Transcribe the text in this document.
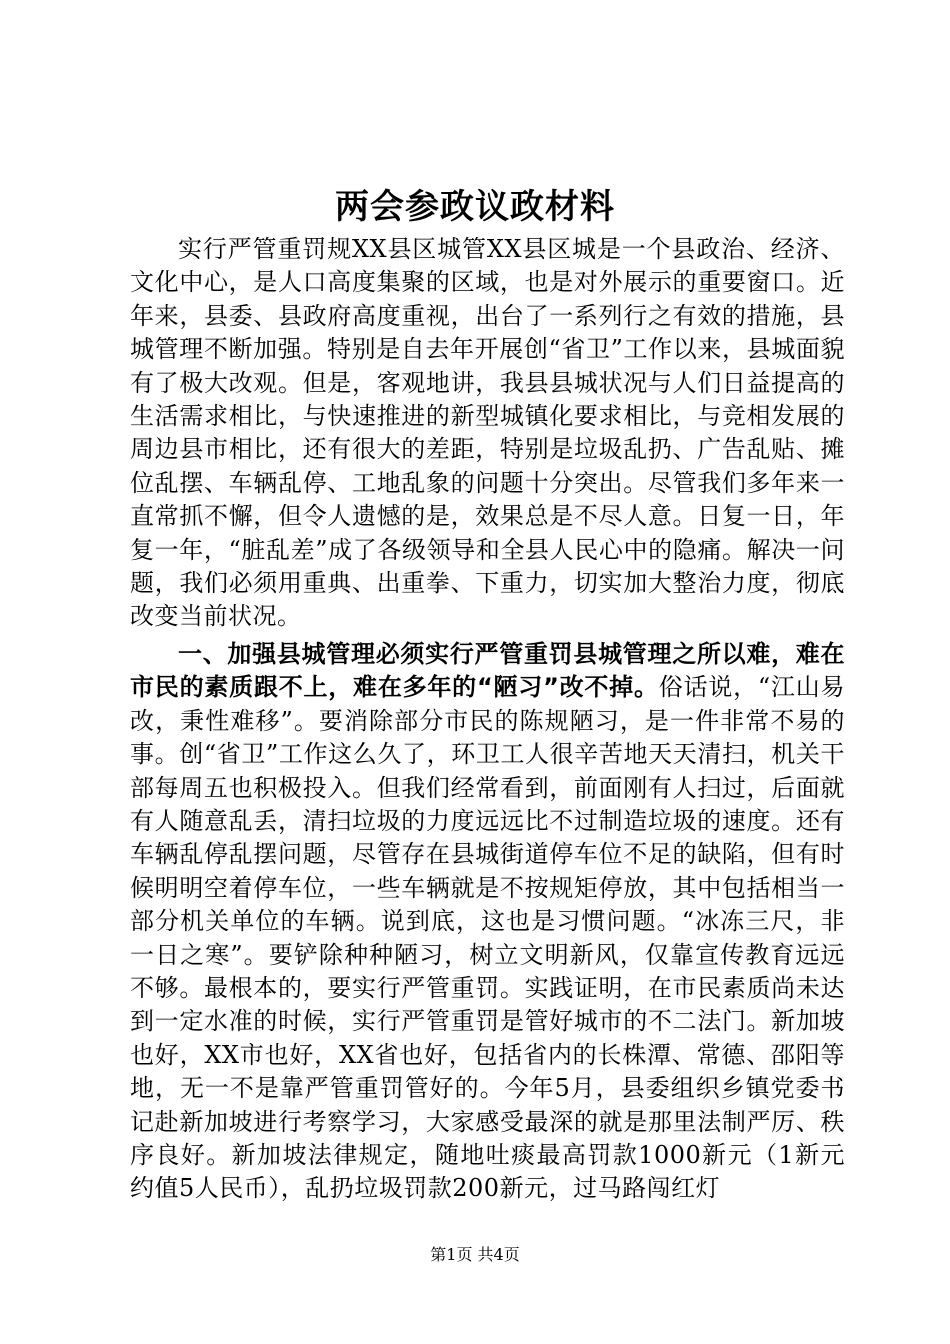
两会参政议政材料

实行严管重罚规XX县区城管XX县区城是一个县政治、经济、文化中心，是人口高度集聚的区域，也是对外展示的重要窗口。近年来，县委、县政府高度重视，出台了一系列行之有效的措施，县城管理不断加强。特别是自去年开展创“省卫”工作以来，县城面貌有了极大改观。但是，客观地讲，我县县城状况与人们日益提高的生活需求相比，与快速推进的新型城镇化要求相比，与竞相发展的周边县市相比，还有很大的差距，特别是垃圾乱扔、广告乱贴、摊位乱摆、车辆乱停、工地乱象的问题十分突出。尽管我们多年来一直常抓不懈，但令人遗憾的是，效果总是不尽人意。日复一日，年复一年，“脏乱差”成了各级领导和全县人民心中的隐痛。解决一问题，我们必须用重典、出重拳、下重力，切实加大整治力度，彻底改变当前状况。

一、加强县城管理必须实行严管重罚县城管理之所以难，难在市民的素质跟不上，难在多年的“陋习”改不掉。俗话说，“江山易改，秉性难移”。要消除部分市民的陈规陋习，是一件非常不易的事。创“省卫”工作这么久了，环卫工人很辛苦地天天清扫，机关干部每周五也积极投入。但我们经常看到，前面刚有人扫过，后面就有人随意乱丢，清扫垃圾的力度远远比不过制造垃圾的速度。还有车辆乱停乱摆问题，尽管存在县城街道停车位不足的缺陷，但有时候明明空着停车位，一些车辆就是不按规矩停放，其中包括相当一部分机关单位的车辆。说到底，这也是习惯问题。“冰冻三尺，非一日之寒”。要铲除种种陋习，树立文明新风，仅靠宣传教育远远不够。最根本的，要实行严管重罚。实践证明，在市民素质尚未达到一定水准的时候，实行严管重罚是管好城市的不二法门。新加坡也好，XX市也好，XX省也好，包括省内的长株潭、常德、邵阳等地，无一不是靠严管重罚管好的。今年5月，县委组织乡镇党委书记赴新加坡进行考察学习，大家感受最深的就是那里法制严厉、秩序良好。新加坡法律规定，随地吐痰最高罚款1000新元（1新元约值5人民币），乱扔垃圾罚款200新元，过马路闯红灯

第1页 共4页
